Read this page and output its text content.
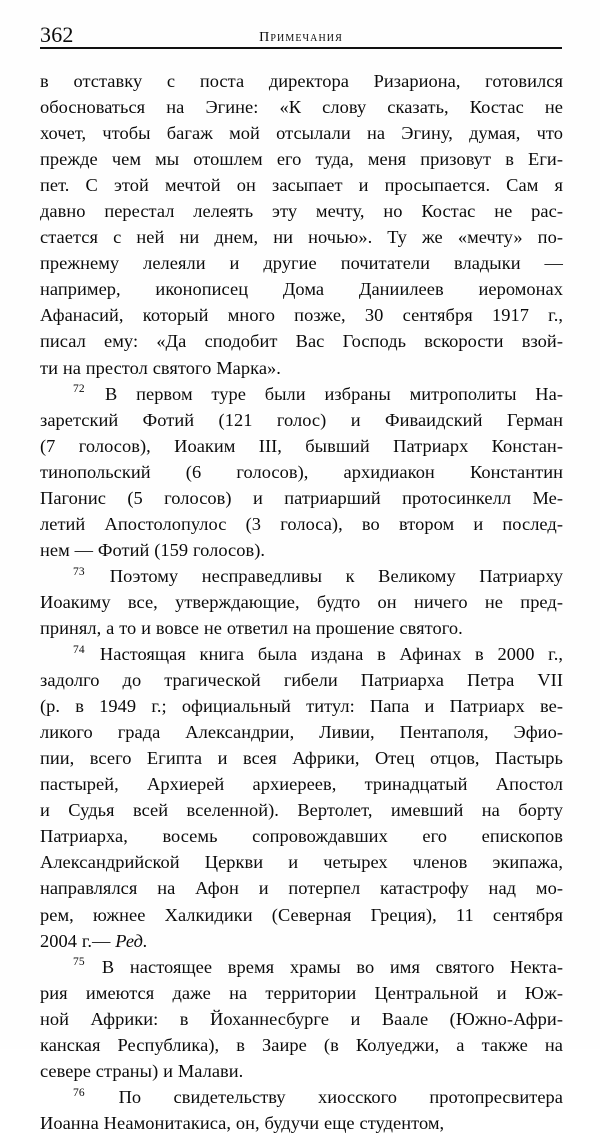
362	примечания

в отставку с поста директора Ризариона, готовился
обосноваться на Эгине: «К слову сказать, Костас не
хочет, чтобы багаж мой отсылали на Эгину, думая, что
прежде чем мы отошлем его туда, меня призовут в Еги-
пет. С этой мечтой он засыпает и просыпается. Сам я
давно перестал лелеять эту мечту, но Костас не рас-
стается с ней ни днем, ни ночью». Ту же «мечту» по-
прежнему лелеяли и другие почитатели владыки —
например, иконописец Дома Даниилеев иеромонах
Афанасий, который много позже, 30 сентября 1917 г.,
писал ему: «Да сподобит Вас Господь вскорости взой-
ти на престол святого Марка».

$^{72}$ В первом туре были избраны митрополиты На-
заретский Фотий (121 голос) и Фиваидский Герман
(7 голосов), Иоаким III, бывший Патриарх Констан-
тинопольский (6 голосов), архидиакон Константин
Пагонис (5 голосов) и патриарший протосинкелл Ме-
летий Апостолопулос (3 голоса), во втором и послед-
нем — Фотий (159 голосов).

$^{73}$ Поэтому несправедливы к Великому Патриарху
Иоакиму все, утверждающие, будто он ничего не пред-
принял, а то и вовсе не ответил на прошение святого.

$^{74}$ Настоящая книга была издана в Афинах в 2000 г.,
задолго до трагической гибели Патриарха Петра VII
(р. в 1949 г.; официальный титул: Папа и Патриарх ве-
ликого града Александрии, Ливии, Пентаполя, Эфио-
пии, всего Египта и всея Африки, Отец отцов, Пастырь
пастырей, Архиерей архиереев, тринадцатый Апостол
и Судья всей вселенной). Вертолет, имевший на борту
Патриарха, восемь сопровождавших его епископов
Александрийской Церкви и четырех членов экипажа,
направлялся на Афон и потерпел катастрофу над мо-
рем, южнее Халкидики (Северная Греция), 11 сентября
2004 г.— Ред.

$^{75}$ В настоящее время храмы во имя святого Некта-
рия имеются даже на территории Центральной и Юж-
ной Африки: в Йоханнесбурге и Ваале (Южно-Афри-
канская Республика), в Заире (в Колуеджи, а также на
севере страны) и Малави.

$^{76}$ По свидетельству хиосского протопресвитера
Иоанна Неамонитакиса, он, будучи еще студентом,
